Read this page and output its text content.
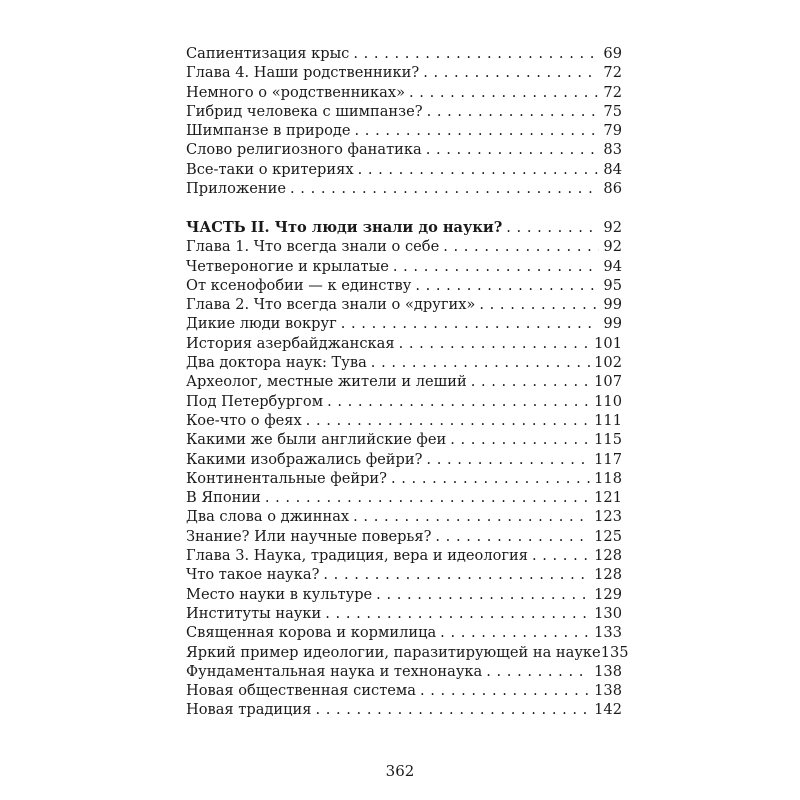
Сапиентизация крыс . . .	69
Глава 4. Наши родственники? . . .	72
Немного о «родственниках» . . .	72
Гибрид человека с шимпанзе? . . .	75
Шимпанзе в природе . . .	79
Слово религиозного фанатика . . .	83
Все-таки о критериях . . .	84
Приложение . . .	86
ЧАСТЬ II. Что люди знали до науки? . . .	92
Глава 1. Что всегда знали о себе . . .	92
Четвероногие и крылатые . . .	94
От ксенофобии — к единству . . .	95
Глава 2. Что всегда знали о «других» . . .	99
Дикие люди вокруг . . .	99
История азербайджанская . . .	101
Два доктора наук: Тува . . .	102
Археолог, местные жители и леший . . .	107
Под Петербургом . . .	110
Кое-что о феях . . .	111
Какими же были английские феи . . .	115
Какими изображались фейри? . . .	117
Континентальные фейри? . . .	118
В Японии . . .	121
Два слова о джиннах . . .	123
Знание? Или научные поверья? . . .	125
Глава 3. Наука, традиция, вера и идеология . . .	128
Что такое наука? . . .	128
Место науки в культуре . . .	129
Институты науки . . .	130
Священная корова и кормилица . . .	133
Яркий пример идеологии, паразитирующей на науке 135
Фундаментальная наука и технонаука . . .	138
Новая общественная система . . .	138
Новая традиция . . .	142
362
